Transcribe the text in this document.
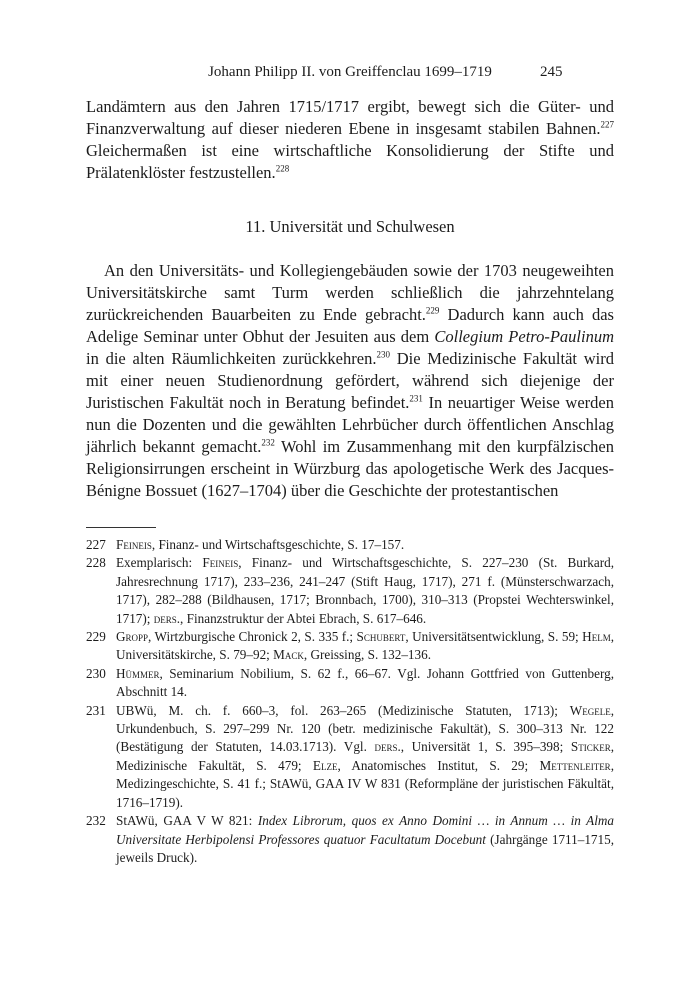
Johann Philipp II. von Greiffenclau 1699–1719	245

Landämtern aus den Jahren 1715/1717 ergibt, bewegt sich die Güter- und Finanzverwaltung auf dieser niederen Ebene in insgesamt stabilen Bahnen.$^{227}$ Gleichermaßen ist eine wirtschaftliche Konsolidierung der Stifte und Prälatenklöster festzustellen.$^{228}$

11. Universität und Schulwesen

An den Universitäts- und Kollegiengebäuden sowie der 1703 neugeweihten Universitätskirche samt Turm werden schließlich die jahrzehntelang zurückreichenden Bauarbeiten zu Ende gebracht.$^{229}$ Dadurch kann auch das Adelige Seminar unter Obhut der Jesuiten aus dem Collegium Petro-Paulinum in die alten Räumlichkeiten zurückkehren.$^{230}$ Die Medizinische Fakultät wird mit einer neuen Studienordnung gefördert, während sich diejenige der Juristischen Fakultät noch in Beratung befindet.$^{231}$ In neuartiger Weise werden nun die Dozenten und die gewählten Lehrbücher durch öffentlichen Anschlag jährlich bekannt gemacht.$^{232}$ Wohl im Zusammenhang mit den kurpfälzischen Religionsirrungen erscheint in Würzburg das apologetische Werk des Jacques-Bénigne Bossuet (1627–1704) über die Geschichte der protestantischen

227 Feineis, Finanz- und Wirtschaftsgeschichte, S. 17–157.
228 Exemplarisch: Feineis, Finanz- und Wirtschaftsgeschichte, S. 227–230 (St. Burkard, Jahresrechnung 1717), 233–236, 241–247 (Stift Haug, 1717), 271 f. (Münsterschwarzach, 1717), 282–288 (Bildhausen, 1717; Bronnbach, 1700), 310–313 (Propstei Wechterswinkel, 1717); ders., Finanzstruktur der Abtei Ebrach, S. 617–646.
229 Gropp, Wirtzburgische Chronick 2, S. 335 f.; Schubert, Universitätsentwicklung, S. 59; Helm, Universitätskirche, S. 79–92; Mack, Greissing, S. 132–136.
230 Hümmer, Seminarium Nobilium, S. 62 f., 66–67. Vgl. Johann Gottfried von Guttenberg, Abschnitt 14.
231 UBWü, M. ch. f. 660–3, fol. 263–265 (Medizinische Statuten, 1713); Wegele, Urkundenbuch, S. 297–299 Nr. 120 (betr. medizinische Fakultät), S. 300–313 Nr. 122 (Bestätigung der Statuten, 14.03.1713). Vgl. ders., Universität 1, S. 395–398; Sticker, Medizinische Fakultät, S. 479; Elze, Anatomisches Institut, S. 29; Mettenleiter, Medizingeschichte, S. 41 f.; StAWü, GAA IV W 831 (Reformpläne der juristischen Fäkultät, 1716–1719).
232 StAWü, GAA V W 821: Index Librorum, quos ex Anno Domini … in Annum … in Alma Universitate Herbipolensi Professores quatuor Facultatum Docebunt (Jahrgänge 1711–1715, jeweils Druck).
